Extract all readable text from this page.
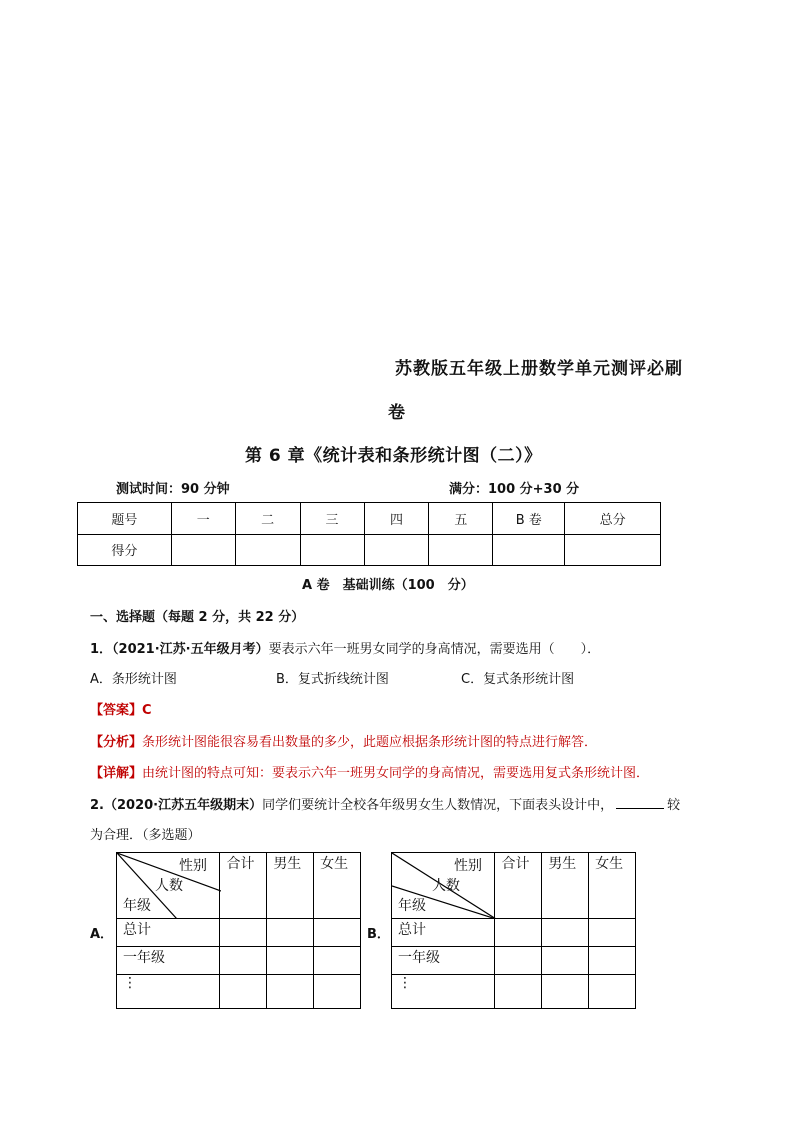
苏教版五年级上册数学单元测评必刷
卷
第 6 章《统计表和条形统计图（二）》
测试时间：90 分钟	满分：100 分+30 分
题号	一	二	三	四	五	B 卷	总分
得分							
A 卷　基础训练（100　分）
一、选择题（每题 2 分，共 22 分）
1．（2021·江苏·五年级月考）要表示六年一班男女同学的身高情况，需要选用（　　）．
A．条形统计图	B．复式折线统计图	C．复式条形统计图
【答案】C
【分析】条形统计图能很容易看出数量的多少，此题应根据条形统计图的特点进行解答．
【详解】由统计图的特点可知：要表示六年一班男女同学的身高情况，需要选用复式条形统计图．
2.（2020·江苏五年级期末）同学们要统计全校各年级男女生人数情况，下面表头设计中，	较
为合理．（多选题）
A．
性别
人数
年级	合计	男生	女生
总计			
一年级			
⋮			
B．
性别
人数
年级	合计	男生	女生
总计			
一年级			
⋮			
